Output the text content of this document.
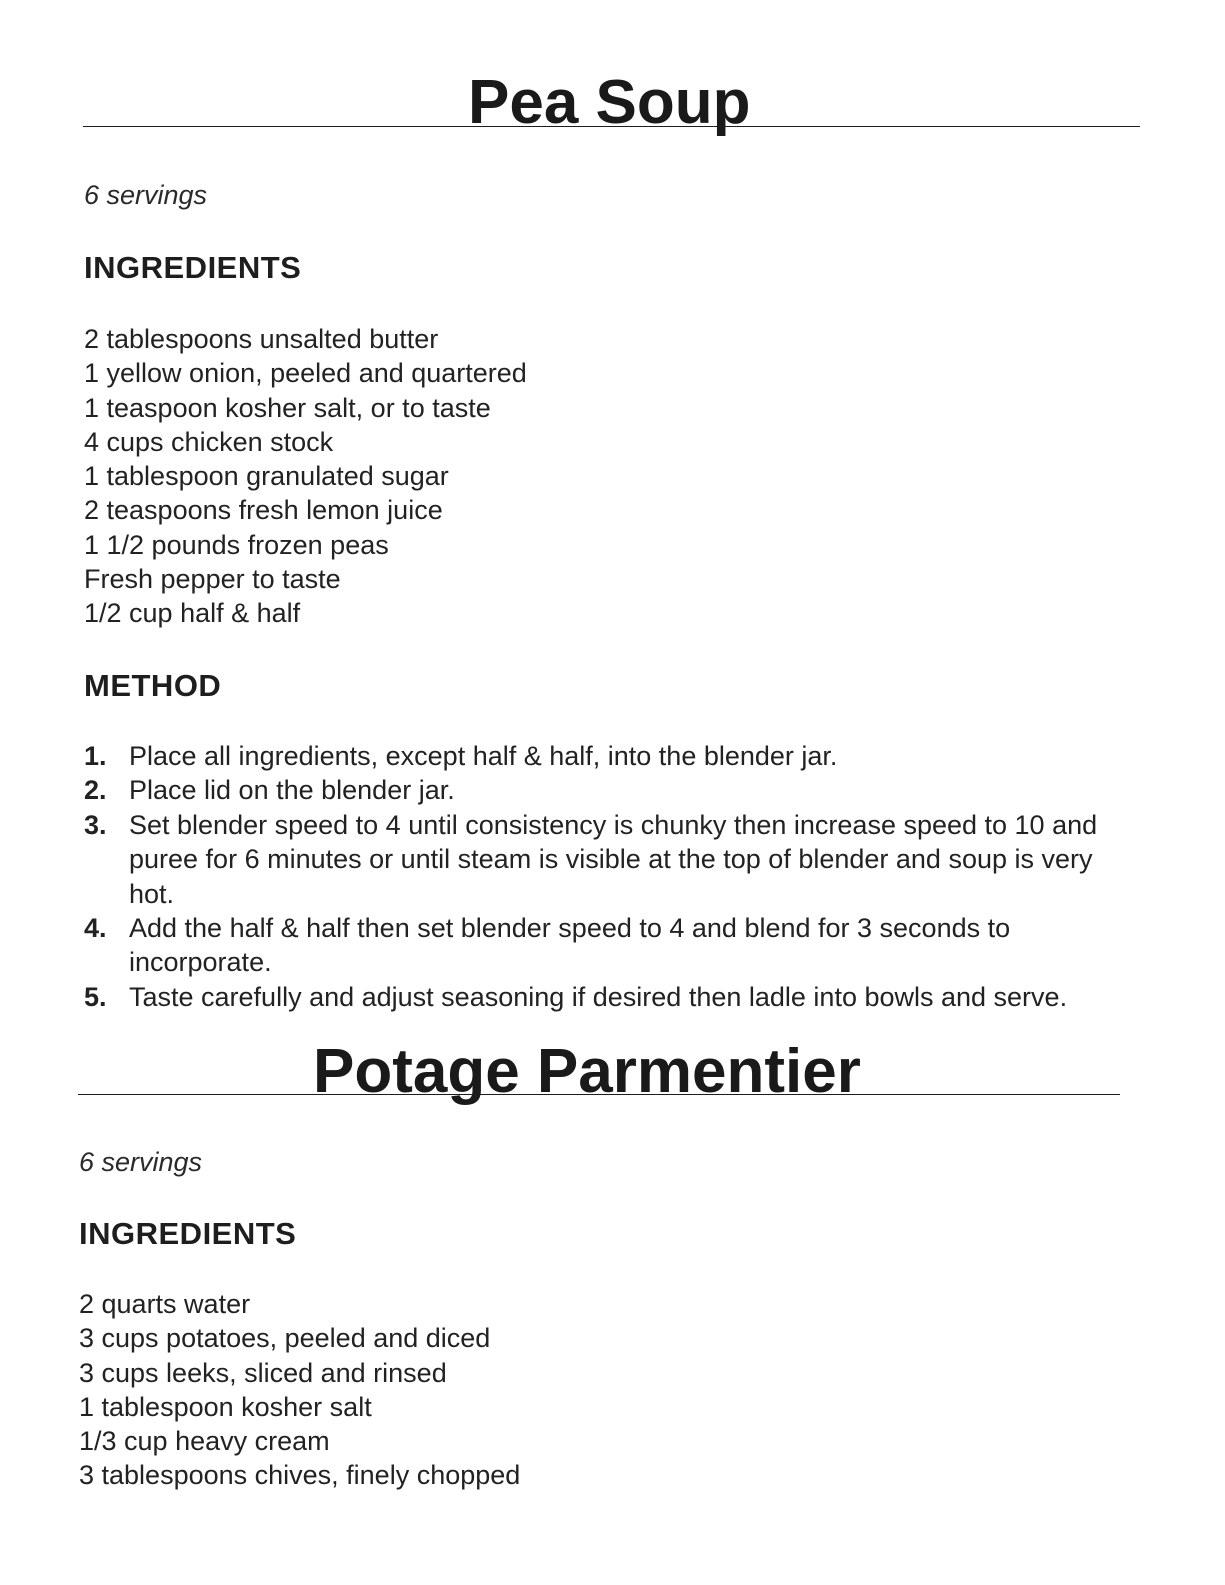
Pea Soup

6 servings

INGREDIENTS
2 tablespoons unsalted butter
1 yellow onion, peeled and quartered
1 teaspoon kosher salt, or to taste
4 cups chicken stock
1 tablespoon granulated sugar
2 teaspoons fresh lemon juice
1 1/2 pounds frozen peas
Fresh pepper to taste
1/2 cup half & half
METHOD
1. Place all ingredients, except half & half, into the blender jar.
2. Place lid on the blender jar.
3. Set blender speed to 4 until consistency is chunky then increase speed to 10 and puree for 6 minutes or until steam is visible at the top of blender and soup is very hot.
4. Add the half & half then set blender speed to 4 and blend for 3 seconds to incorporate.
5. Taste carefully and adjust seasoning if desired then ladle into bowls and serve.
Potage Parmentier

6 servings

INGREDIENTS
2 quarts water
3 cups potatoes, peeled and diced
3 cups leeks, sliced and rinsed
1 tablespoon kosher salt
1/3 cup heavy cream
3 tablespoons chives, finely chopped
